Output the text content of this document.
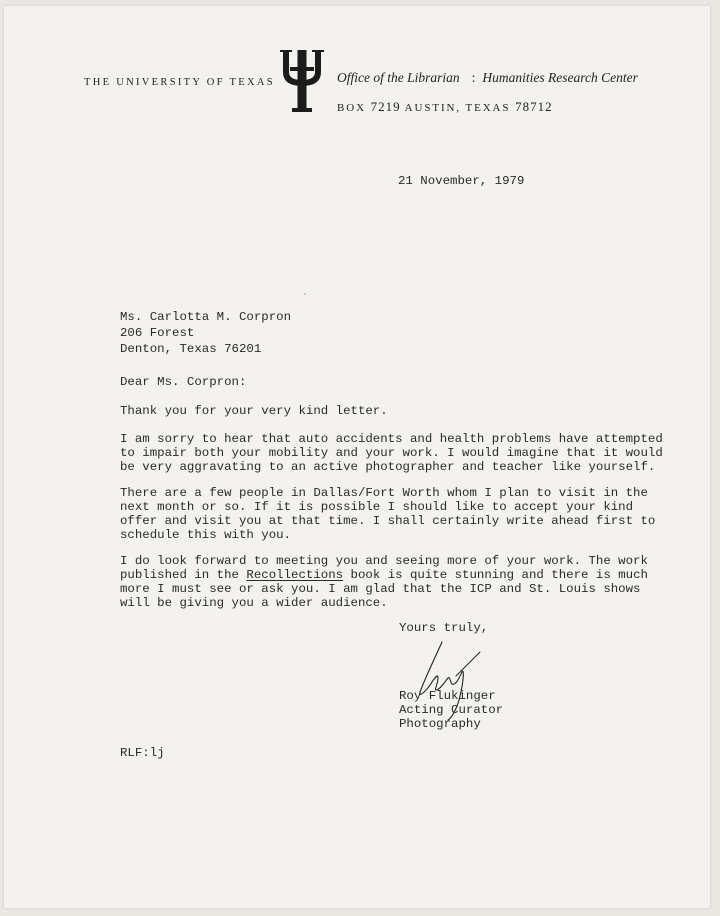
THE UNIVERSITY OF TEXAS	Office of the Librarian : Humanities Research Center
BOX 7219 AUSTIN, TEXAS 78712
21 November, 1979
Ms. Carlotta M. Corpron
206 Forest
Denton, Texas 76201
Dear Ms. Corpron:
Thank you for your very kind letter.
I am sorry to hear that auto accidents and health problems have attempted
to impair both your mobility and your work. I would imagine that it would
be very aggravating to an active photographer and teacher like yourself.
There are a few people in Dallas/Fort Worth whom I plan to visit in the
next month or so. If it is possible I should like to accept your kind
offer and visit you at that time. I shall certainly write ahead first to
schedule this with you.
I do look forward to meeting you and seeing more of your work. The work
published in the Recollections book is quite stunning and there is much
more I must see or ask you. I am glad that the ICP and St. Louis shows
will be giving you a wider audience.
Yours truly,
Roy Flukinger
Acting Curator
Photography
RLF:lj
